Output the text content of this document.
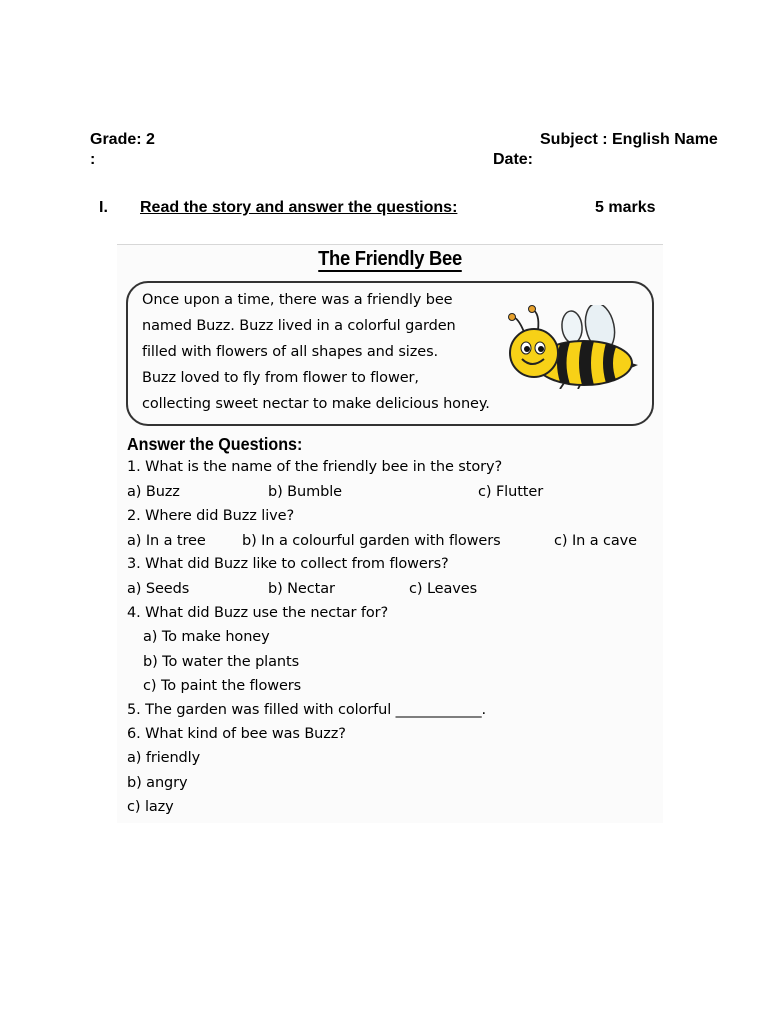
Grade: 2	Subject : English Name
:	Date:
I. Read the story and answer the questions:	5 marks
The Friendly Bee
Once upon a time, there was a friendly bee
named Buzz. Buzz lived in a colorful garden
filled with flowers of all shapes and sizes.
Buzz loved to fly from flower to flower,
collecting sweet nectar to make delicious honey.
Answer the Questions:
1. What is the name of the friendly bee in the story?
a) Buzz	b) Bumble	c) Flutter
2. Where did Buzz live?
a) In a tree	b) In a colourful garden with flowers	c) In a cave
3. What did Buzz like to collect from flowers?
a) Seeds	b) Nectar	c) Leaves
4. What did Buzz use the nectar for?
a) To make honey
b) To water the plants
c) To paint the flowers
5. The garden was filled with colorful ____________.
6. What kind of bee was Buzz?
a) friendly
b) angry
c) lazy
